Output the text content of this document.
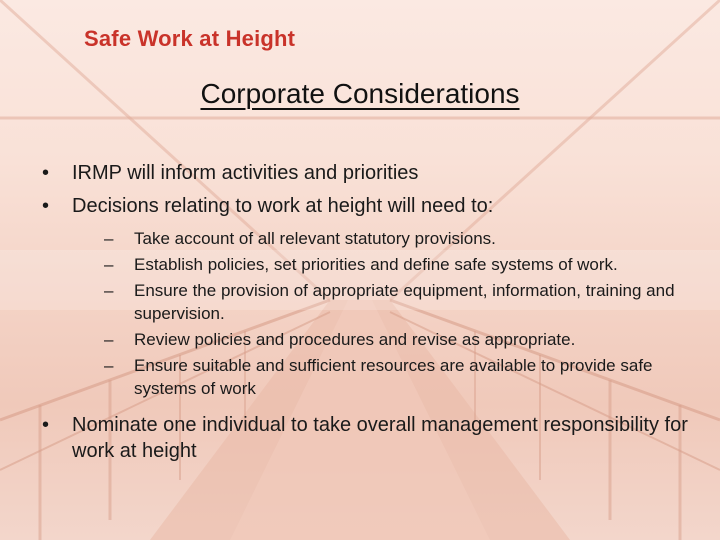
Safe Work at Height
Corporate Considerations
• IRMP will inform activities and priorities
• Decisions relating to work at height will need to:
– Take account of all relevant statutory provisions.
– Establish policies, set priorities and define safe systems of work.
– Ensure the provision of appropriate equipment, information, training and supervision.
– Review policies and procedures and revise as appropriate.
– Ensure suitable and sufficient resources are available to provide safe systems of work
• Nominate one individual to take overall management responsibility for work at height
